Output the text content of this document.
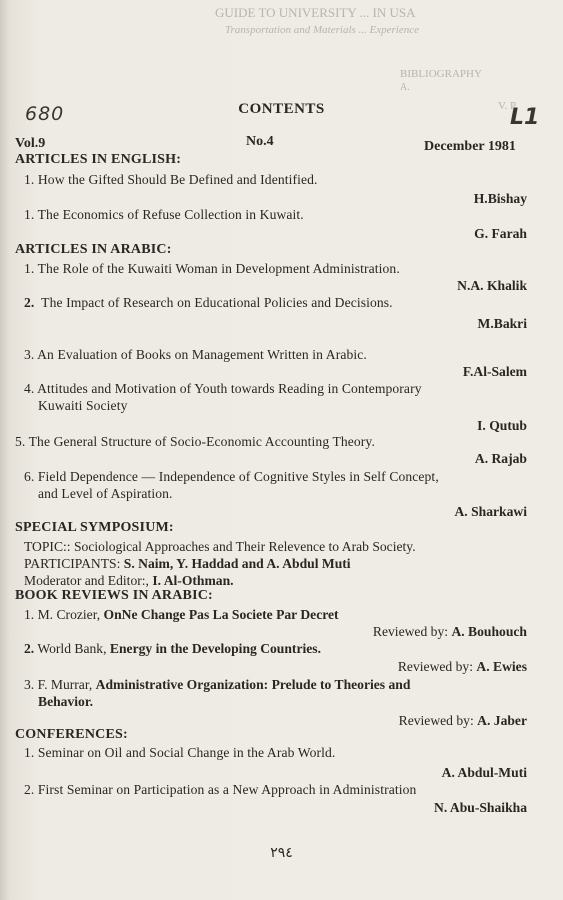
GUIDE TO UNIVERSITY ... IN USA
Transportation and Materials ... Experience
BIBLIOGRAPHY
A.
V. P.
680	L1
CONTENTS
Vol.9	No.4	December 1981
ARTICLES IN ENGLISH:
1. How the Gifted Should Be Defined and Identified.
H.Bishay
1. The Economics of Refuse Collection in Kuwait.
G. Farah
ARTICLES IN ARABIC:
1. The Role of the Kuwaiti Woman in Development Administration.
N.A. Khalik
2. The Impact of Research on Educational Policies and Decisions.
M.Bakri
3. An Evaluation of Books on Management Written in Arabic.
F.Al-Salem
4. Attitudes and Motivation of Youth towards Reading in Contemporary
Kuwaiti Society
I. Qutub
5. The General Structure of Socio-Economic Accounting Theory.
A. Rajab
6. Field Dependence — Independence of Cognitive Styles in Self Concept,
and Level of Aspiration.
A. Sharkawi
SPECIAL SYMPOSIUM:
TOPIC:: Sociological Approaches and Their Relevence to Arab Society.
PARTICIPANTS: S. Naim, Y. Haddad and A. Abdul Muti
Moderator and Editor:, I. Al-Othman.
BOOK REVIEWS IN ARABIC:
1. M. Crozier, OnNe Change Pas La Societe Par Decret
Reviewed by: A. Bouhouch
2. World Bank, Energy in the Developing Countries.
Reviewed by: A. Ewies
3. F. Murrar, Administrative Organization: Prelude to Theories and
Behavior.
Reviewed by: A. Jaber
CONFERENCES:
1. Seminar on Oil and Social Change in the Arab World.
A. Abdul-Muti
2. First Seminar on Participation as a New Approach in Administration
N. Abu-Shaikha
٢٩٤
